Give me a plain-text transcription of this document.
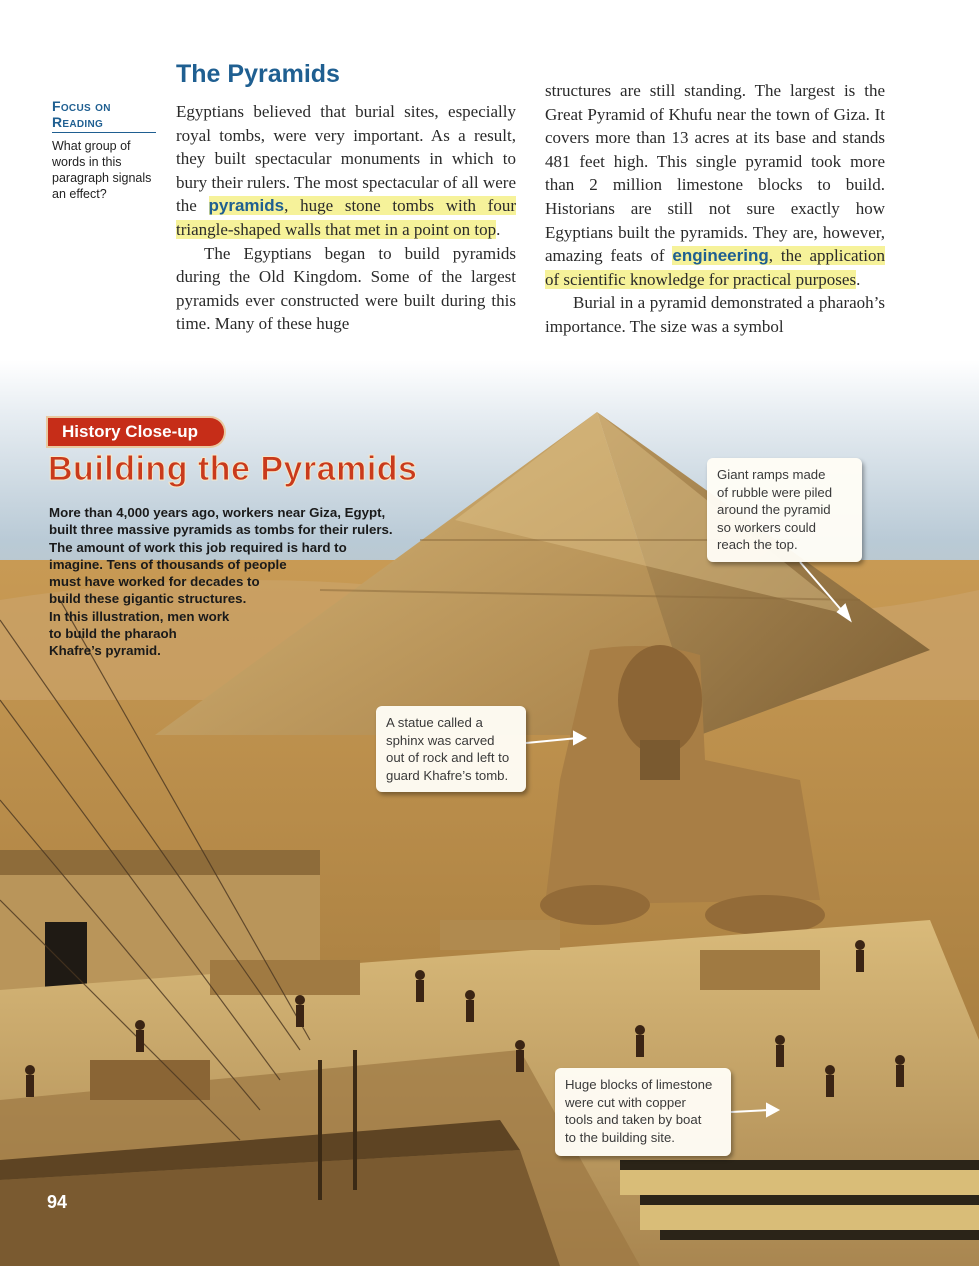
The Pyramids
Focus on
Reading
What group of
words in this
paragraph signals
an effect?

Egyptians believed that burial sites, especially royal tombs, were very important. As a result, they built spectacular monuments in which to bury their rulers. The most spectacular of all were the pyramids, huge stone tombs with four triangle-shaped walls that met in a point on top.

The Egyptians began to build pyramids during the Old Kingdom. Some of the largest pyramids ever constructed were built during this time. Many of these huge

structures are still standing. The largest is the Great Pyramid of Khufu near the town of Giza. It covers more than 13 acres at its base and stands 481 feet high. This single pyramid took more than 2 million limestone blocks to build. Historians are still not sure exactly how Egyptians built the pyramids. They are, however, amazing feats of engineering, the application of scientific knowledge for practical purposes.

Burial in a pyramid demonstrated a pharaoh’s importance. The size was a symbol

History Close-up
Building the Pyramids
More than 4,000 years ago, workers near Giza, Egypt,
built three massive pyramids as tombs for their rulers.
The amount of work this job required is hard to
imagine. Tens of thousands of people
must have worked for decades to
build these gigantic structures.
In this illustration, men work
to build the pharaoh
Khafre’s pyramid.
Giant ramps made
of rubble were piled
around the pyramid
so workers could
reach the top.
A statue called a
sphinx was carved
out of rock and left to
guard Khafre’s tomb.
Huge blocks of limestone
were cut with copper
tools and taken by boat
to the building site.
94
